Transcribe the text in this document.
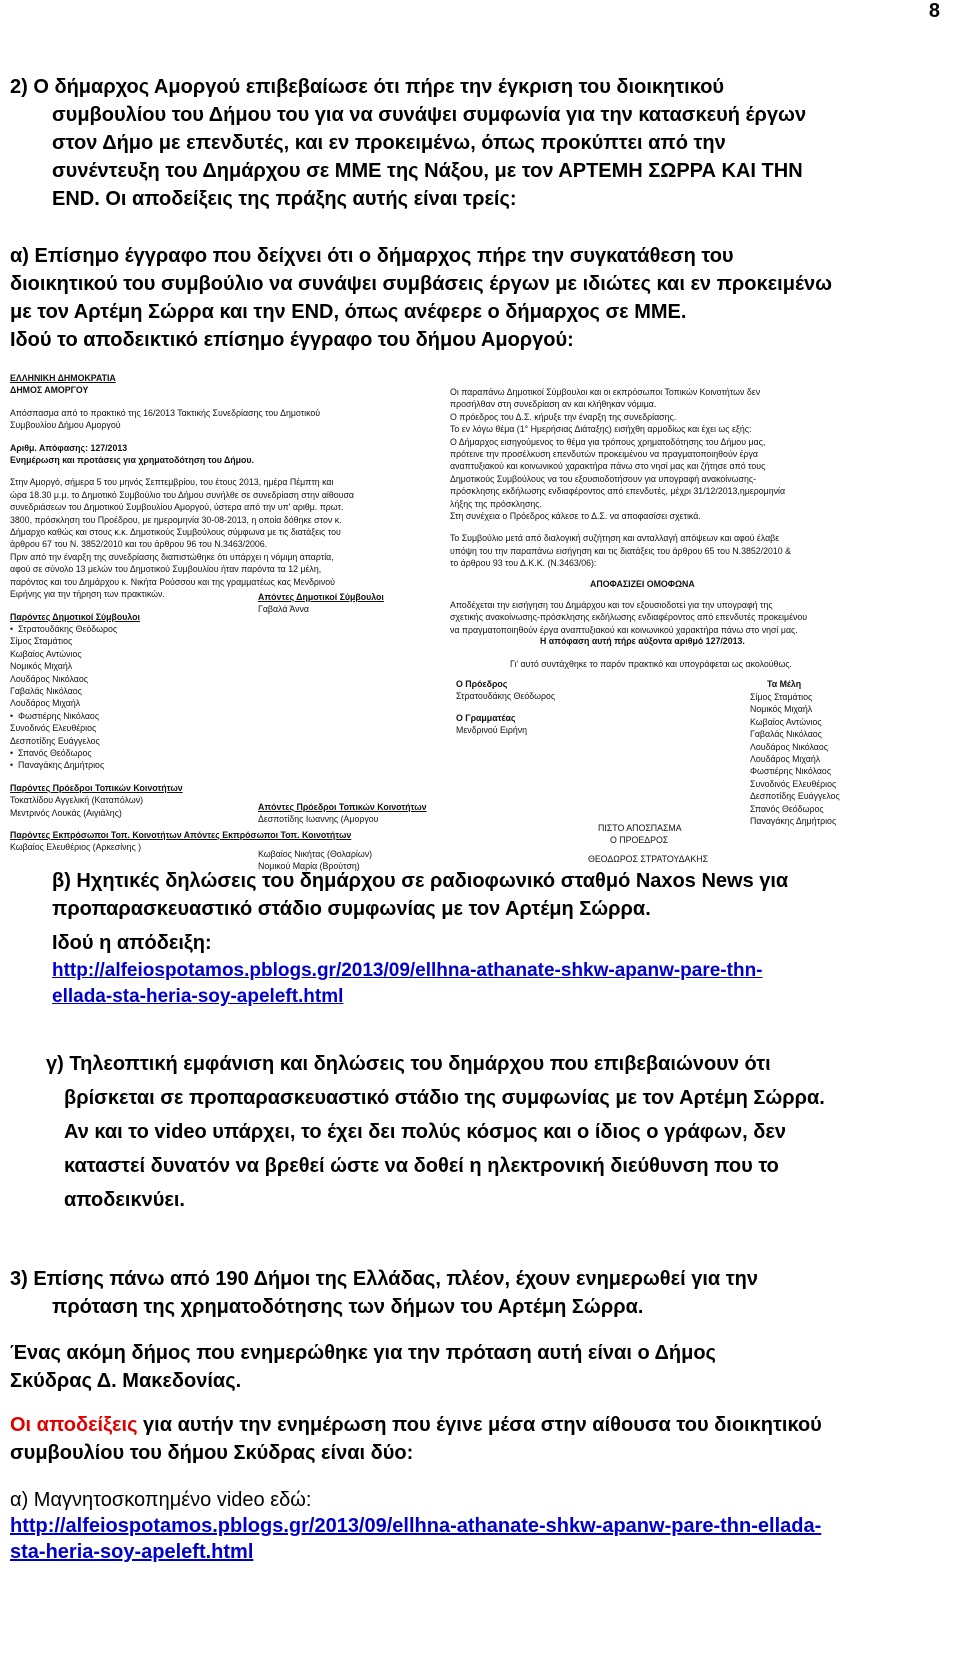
8

2) Ο δήμαρχος Αμοργού επιβεβαίωσε ότι πήρε την έγκριση του διοικητικού

συμβουλίου του Δήμου του για να συνάψει συμφωνία για την κατασκευή έργων

στον Δήμο με επενδυτές, και εν προκειμένω, όπως προκύπτει από την

συνέντευξη του Δημάρχου σε ΜΜΕ της Νάξου, με τον ΑΡΤΕΜΗ ΣΩΡΡΑ ΚΑΙ ΤΗΝ

END. Οι αποδείξεις της πράξης αυτής είναι τρείς:

α) Επίσημο έγγραφο που δείχνει ότι ο δήμαρχος πήρε την συγκατάθεση του

διοικητικού του συμβούλιο να συνάψει συμβάσεις έργων με ιδιώτες και εν προκειμένω

με τον Αρτέμη Σώρρα και την END, όπως ανέφερε ο δήμαρχος σε ΜΜΕ.

Ιδού το αποδεικτικό επίσημο έγγραφο του δήμου Αμοργού:

ΕΛΛΗΝΙΚΗ ΔΗΜΟΚΡΑΤΙΑ

ΔΗΜΟΣ ΑΜΟΡΓΟΥ

Απόσπασμα από το πρακτικό της 16/2013 Τακτικής Συνεδρίασης του Δημοτικού

Συμβουλίου Δήμου Αμοργού

Αριθμ. Απόφασης: 127/2013

Ενημέρωση και προτάσεις για χρηματοδότηση του Δήμου.

Στην Αμοργό, σήμερα 5 του μηνός Σεπτεμβρίου, του έτους 2013, ημέρα Πέμπτη και

ώρα 18.30 μ.μ. το Δημοτικό Συμβούλιο του Δήμου συνήλθε σε συνεδρίαση στην αίθουσα

συνεδριάσεων του Δημοτικού Συμβουλίου Αμοργού, ύστερα από την υπ' αριθμ. πρωτ.

3800, πρόσκληση του Προέδρου, με ημερομηνία 30-08-2013, η οποία δόθηκε στον κ.

Δήμαρχο καθώς και στους κ.κ. Δημοτικούς Συμβούλους σύμφωνα με τις διατάξεις του

άρθρου 67 του Ν. 3852/2010 και του άρθρου 96 του Ν.3463/2006.

Πριν από την έναρξη της συνεδρίασης διαπιστώθηκε ότι υπάρχει η νόμιμη απαρτία,

αφού σε σύνολο 13 μελών του Δημοτικού Συμβουλίου ήταν παρόντα τα 12 μέλη,

παρόντος και του Δημάρχου κ. Νικήτα Ρούσσου και της γραμματέως κας Μενδρινού

Ειρήνης για την τήρηση των πρακτικών.

Παρόντες Δημοτικοί Σύμβουλοι

• Στρατουδάκης Θεόδωρος

Σίμος Σταμάτιος

Κωβαίος Αντώνιος

Νομικός Μιχαήλ

Λουδάρος Νικόλαος

Γαβαλάς Νικόλαος

Λουδάρος Μιχαήλ

• Φωστιέρης Νικόλαος

Συνοδινός Ελευθέριος

Δεσποτίδης Ευάγγελος

• Σπανός Θεόδωρος

• Παναγάκης Δημήτριος

Παρόντες Πρόεδροι Τοπικών Κοινοτήτων

Τοκατλίδου Αγγελική (Καταπόλων)

Μεντρινός Λουκάς (Αιγιάλης)

Παρόντες Εκπρόσωποι Τοπ. Κοινοτήτων Απόντες Εκπρόσωποι Τοπ. Κοινοτήτων

Κωβαίος Ελευθέριος (Αρκεσίνης )

Απόντες Δημοτικοί Σύμβουλοι

Γαβαλά Άννα

Απόντες Πρόεδροι Τοπικών Κοινοτήτων

Δεσποτίδης Ιωαννης (Αμοργου

Κωβαίος Νικήτας (Θολαρίων)

Νομικού Μαρία (Βρούτση)

Οι παραπάνω Δημοτικοί Σύμβουλοι και οι εκπρόσωποι Τοπικών Κοινοτήτων δεν

προσήλθαν στη συνεδρίαση αν και κλήθηκαν νόμιμα.

Ο πρόεδρος του Δ.Σ. κήρυξε την έναρξη της συνεδρίασης.

Το εν λόγω θέμα (1° Ημερήσιας Διάταξης) εισήχθη αρμοδίως και έχει ως εξής:

Ο Δήμαρχος εισηγούμενος το θέμα για τρόπους χρηματοδότησης του Δήμου μας,

πρότεινε την προσέλκυση επενδυτών προκειμένου να πραγματοποιηθούν έργα

αναπτυξιακού και κοινωνικού χαρακτήρα πάνω στο νησί μας και ζήτησε από τους

Δημοτικούς Συμβούλους να του εξουσιοδοτήσουν για υπογραφή ανακοίνωσης-

πρόσκλησης εκδήλωσης ενδιαφέροντος από επενδυτές, μέχρι 31/12/2013,ημερομηνία

λήξης της πρόσκλησης.

Στη συνέχεια ο Πρόεδρος κάλεσε το Δ.Σ. να αποφασίσει σχετικά.

Το Συμβούλιο μετά από διαλογική συζήτηση και ανταλλαγή απόψεων και αφού έλαβε

υπόψη του την παραπάνω εισήγηση και τις διατάξεις του άρθρου 65 του Ν.3852/2010 &

το άρθρου 93 του Δ.Κ.Κ. (Ν.3463/06):

ΑΠΟΦΑΣΙΖΕΙ ΟΜΟΦΩΝΑ

Αποδέχεται την εισήγηση του Δημάρχου και τον εξουσιοδοτεί για την υπογραφή της

σχετικής ανακοίνωσης-πρόσκλησης εκδήλωσης ενδιαφέροντος από επενδυτές προκειμένου

να πραγματοποιηθούν έργα αναπτυξιακού και κοινωνικού χαρακτήρα πάνω στο νησί μας.

Η απόφαση αυτή πήρε αύξοντα αριθμό 127/2013.

Γι' αυτό συντάχθηκε το παρόν πρακτικό και υπογράφεται ως ακολούθως.

Ο Πρόεδρος

Στρατουδάκης Θεόδωρος

Ο Γραμματέας

Μενδρινού Ειρήνη

Τα Μέλη

Σίμος Σταμάτιος

Νομικός Μιχαήλ

Κωβαίος Αντώνιος

Γαβαλάς Νικόλαος

Λουδάρος Νικόλαος

Λουδάρος Μιχαήλ

Φωστιέρης Νικόλαος

Συνοδινός Ελευθέριος

Δεσποτίδης Ευάγγελος

Σπανός Θεόδωρος

Παναγάκης Δημήτριος

ΠΙΣΤΟ ΑΠΟΣΠΑΣΜΑ

Ο ΠΡΟΕΔΡΟΣ

ΘΕΟΔΩΡΟΣ ΣΤΡΑΤΟΥΔΑΚΗΣ

β) Ηχητικές δηλώσεις του δημάρχου σε ραδιοφωνικό σταθμό Naxos News για

προπαρασκευαστικό στάδιο συμφωνίας με τον Αρτέμη Σώρρα.

Ιδού η απόδειξη:

http://alfeiospotamos.pblogs.gr/2013/09/ellhna-athanate-shkw-apanw-pare-thn-
ellada-sta-heria-soy-apeleft.html

γ) Τηλεοπτική εμφάνιση και δηλώσεις του δημάρχου που επιβεβαιώνουν ότι

βρίσκεται σε προπαρασκευαστικό στάδιο της συμφωνίας με τον Αρτέμη Σώρρα.

Αν και το video υπάρχει, το έχει δει πολύς κόσμος και ο ίδιος ο γράφων, δεν

καταστεί δυνατόν να βρεθεί ώστε να δοθεί η ηλεκτρονική διεύθυνση που το

αποδεικνύει.

3) Επίσης πάνω από 190 Δήμοι της Ελλάδας, πλέον, έχουν ενημερωθεί για την

πρόταση της χρηματοδότησης των δήμων του Αρτέμη Σώρρα.

Ένας ακόμη δήμος που ενημερώθηκε για την πρόταση αυτή είναι ο Δήμος

Σκύδρας Δ. Μακεδονίας.

Οι αποδείξεις για αυτήν την ενημέρωση που έγινε μέσα στην αίθουσα του διοικητικού

συμβουλίου του δήμου Σκύδρας είναι δύο:

α) Μαγνητοσκοπημένο video εδώ:
http://alfeiospotamos.pblogs.gr/2013/09/ellhna-athanate-shkw-apanw-pare-thn-ellada-
sta-heria-soy-apeleft.html
